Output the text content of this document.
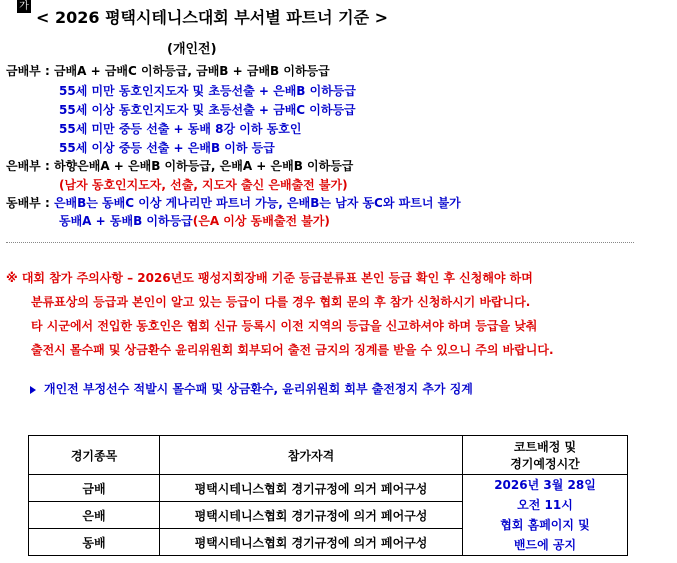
가
< 2026 평택시테니스대회 부서별 파트너 기준 >
(개인전)
금배부 : 금배A + 금배C 이하등급, 금배B + 금배B 이하등급
55세 미만 동호인지도자 및 초등선출 + 은배B 이하등급
55세 이상 동호인지도자 및 초등선출 + 금배C 이하등급
55세 미만 중등 선출 + 동배 8강 이하 동호인
55세 이상 중등 선출 + 은배B 이하 등급
은배부 : 하향은배A + 은배B 이하등급, 은배A + 은배B 이하등급
(남자 동호인지도자, 선출, 지도자 출신 은배출전 불가)
동배부 : 은배B는 동배C 이상 게나리만 파트너 가능, 은배B는 남자 동C와 파트너 불가
동배A + 동배B 이하등급(은A 이상 동배출전 불가)
※ 대회 참가 주의사항 – 2026년도 팽성지회장배 기준 등급분류표 본인 등급 확인 후 신청해야 하며
분류표상의 등급과 본인이 알고 있는 등급이 다를 경우 협회 문의 후 참가 신청하시기 바랍니다.
타 시군에서 전입한 동호인은 협회 신규 등록시 이전 지역의 등급을 신고하셔야 하며 등급을 낮춰
출전시 몰수패 및 상금환수 윤리위원회 회부되어 출전 금지의 징계를 받을 수 있으니 주의 바랍니다.
개인전 부정선수 적발시 몰수패 및 상금환수, 윤리위원회 회부 출전정지 추가 징계
경기종목	참가자격	코트배정 및
경기예정시간

금배	평택시테니스협회 경기규정에 의거 페어구성	2026년 3월 28일
오전 11시
협회 홈페이지 및
밴드에 공지

은배	평택시테니스협회 경기규정에 의거 페어구성	
동배	평택시테니스협회 경기규정에 의거 페어구성	
